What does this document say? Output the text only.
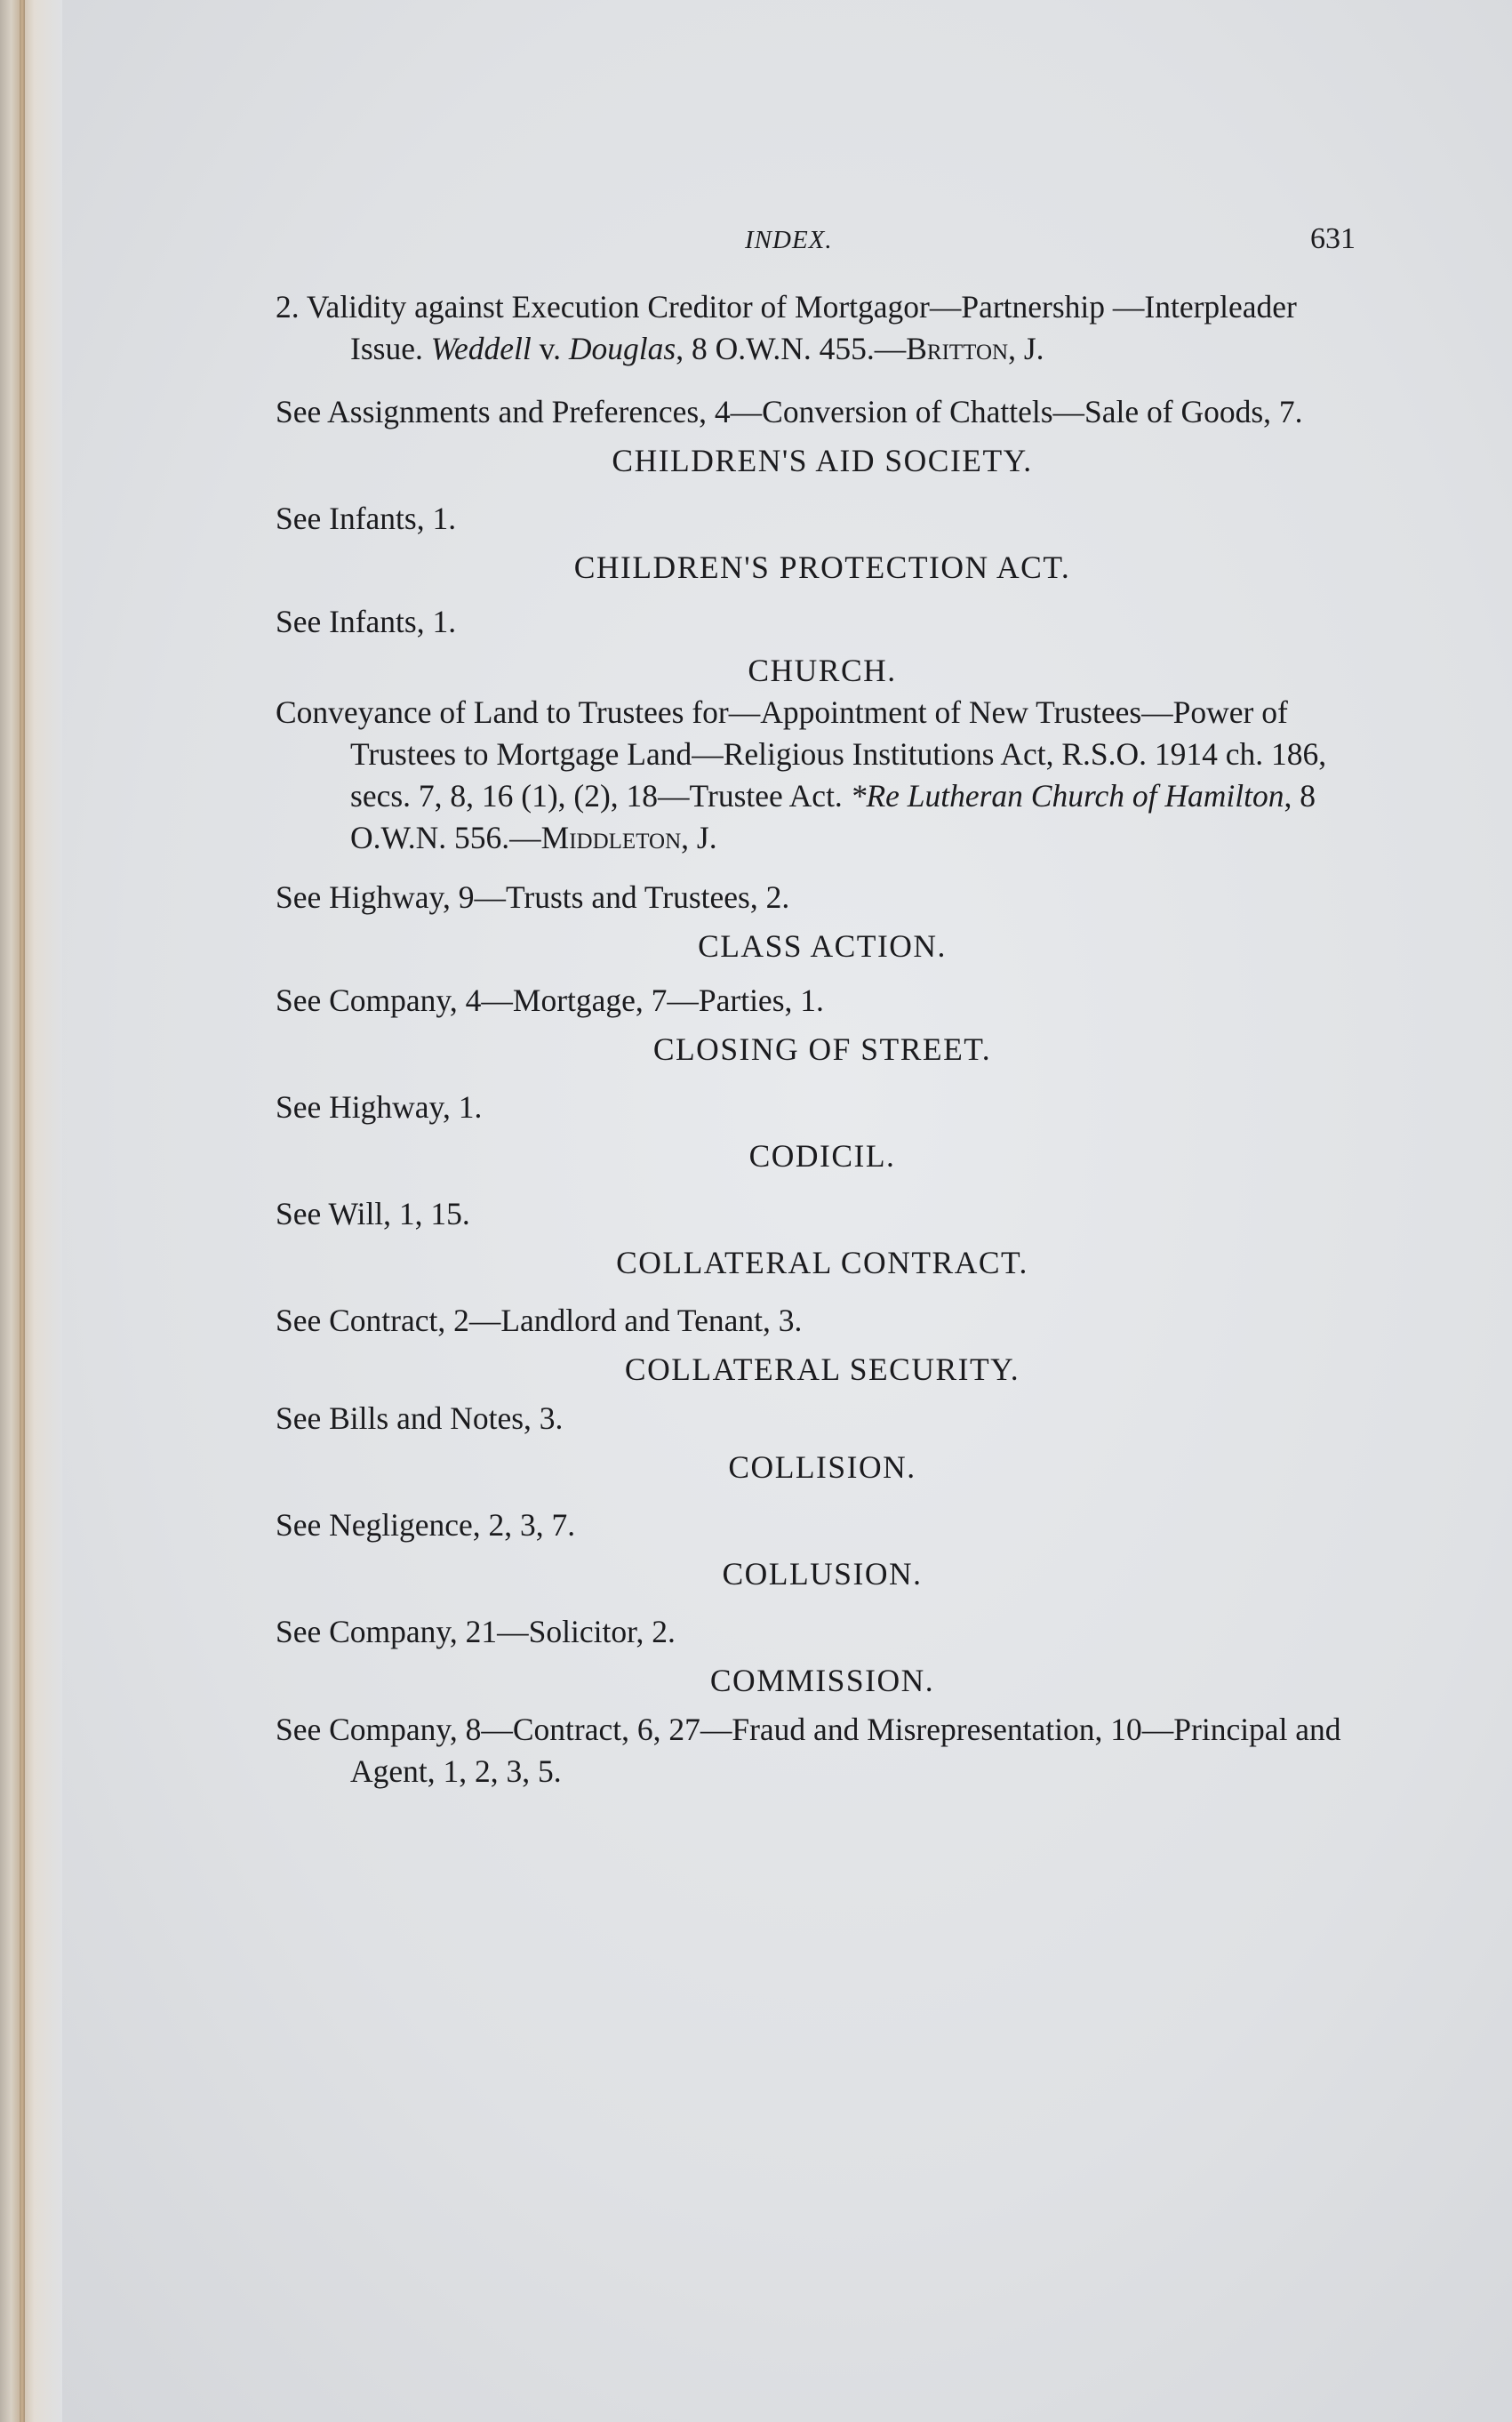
INDEX.	631

2. Validity against Execution Creditor of Mortgagor—Partnership —Interpleader Issue. Weddell v. Douglas, 8 O.W.N. 455.—Britton, J.

See Assignments and Preferences, 4—Conversion of Chattels—Sale of Goods, 7.

CHILDREN'S AID SOCIETY.

See Infants, 1.

CHILDREN'S PROTECTION ACT.

See Infants, 1.

CHURCH.

Conveyance of Land to Trustees for—Appointment of New Trustees—Power of Trustees to Mortgage Land—Religious Institutions Act, R.S.O. 1914 ch. 186, secs. 7, 8, 16 (1), (2), 18—Trustee Act. *Re Lutheran Church of Hamilton, 8 O.W.N. 556.—Middleton, J.

See Highway, 9—Trusts and Trustees, 2.

CLASS ACTION.

See Company, 4—Mortgage, 7—Parties, 1.

CLOSING OF STREET.

See Highway, 1.

CODICIL.

See Will, 1, 15.

COLLATERAL CONTRACT.

See Contract, 2—Landlord and Tenant, 3.

COLLATERAL SECURITY.

See Bills and Notes, 3.

COLLISION.

See Negligence, 2, 3, 7.

COLLUSION.

See Company, 21—Solicitor, 2.

COMMISSION.

See Company, 8—Contract, 6, 27—Fraud and Misrepresentation, 10—Principal and Agent, 1, 2, 3, 5.
